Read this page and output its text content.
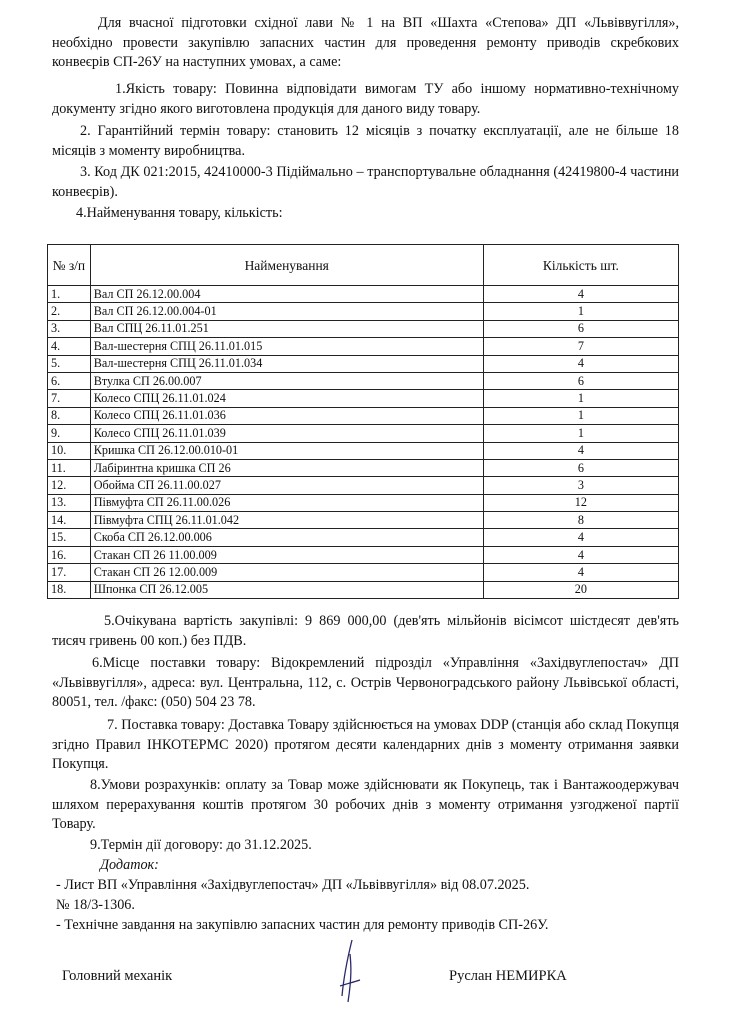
Для вчасної підготовки східної лави № 1 на ВП «Шахта «Степова» ДП «Львіввугілля», необхідно провести закупівлю запасних частин для проведення ремонту приводів скребкових конвеєрів СП-26У на наступних умовах, а саме:

1.Якість товару: Повинна відповідати вимогам ТУ або іншому нормативно-технічному документу згідно якого виготовлена продукція для даного виду товару.

2. Гарантійний термін товару: становить 12 місяців з початку експлуатації, але не більше 18 місяців з моменту виробництва.

3. Код ДК 021:2015, 42410000-3 Підіймально – транспортувальне обладнання (42419800-4 частини конвеєрів).

4.Найменування товару, кількість:

№ з/п	Найменування	Кількість шт.
1.	Вал СП 26.12.00.004	4
2.	Вал СП 26.12.00.004-01	1
3.	Вал СПЦ 26.11.01.251	6
4.	Вал-шестерня СПЦ 26.11.01.015	7
5.	Вал-шестерня СПЦ 26.11.01.034	4
6.	Втулка СП 26.00.007	6
7.	Колесо СПЦ 26.11.01.024	1
8.	Колесо СПЦ 26.11.01.036	1
9.	Колесо СПЦ 26.11.01.039	1
10.	Кришка СП 26.12.00.010-01	4
11.	Лабіринтна кришка СП 26	6
12.	Обойма СП 26.11.00.027	3
13.	Півмуфта СП 26.11.00.026	12
14.	Півмуфта СПЦ 26.11.01.042	8
15.	Скоба СП 26.12.00.006	4
16.	Стакан СП 26 11.00.009	4
17.	Стакан СП 26 12.00.009	4
18.	Шпонка СП 26.12.005	20

5.Очікувана вартість закупівлі: 9 869 000,00 (дев'ять мільйонів вісімсот шістдесят дев'ять тисяч гривень 00 коп.) без ПДВ.

6.Місце поставки товару: Відокремлений підрозділ «Управління «Західвуглепостач» ДП «Львіввугілля», адреса: вул. Центральна, 112, с. Острів Червоноградського району Львівської області, 80051, тел. /факс: (050) 504 23 78.

7. Поставка товару: Доставка Товару здійснюється на умовах DDP (станція або склад Покупця згідно Правил ІНКОТЕРМС 2020) протягом десяти календарних днів з моменту отримання заявки Покупця.

8.Умови розрахунків: оплату за Товар може здійснювати як Покупець, так і Вантажоодержувач шляхом перерахування коштів протягом 30 робочих днів з моменту отримання узгодженої партії Товару.

9.Термін дії договору: до 31.12.2025.

Додаток:

- Лист ВП «Управління «Західвуглепостач» ДП «Львіввугілля» від 08.07.2025.

№ 18/3-1306.

- Технічне завдання на закупівлю запасних частин для ремонту приводів СП-26У.

Головний механік	Руслан НЕМИРКА
